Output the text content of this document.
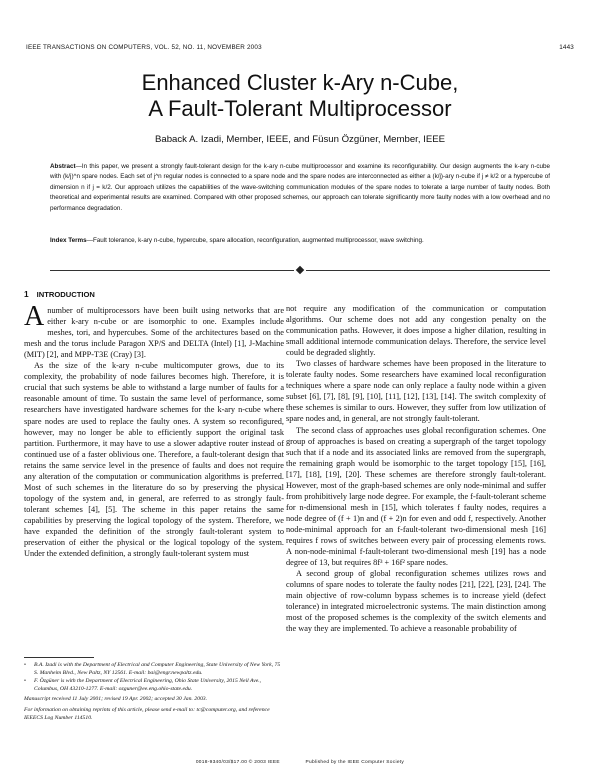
IEEE TRANSACTIONS ON COMPUTERS, VOL. 52, NO. 11, NOVEMBER 2003	1443
Enhanced Cluster k-Ary n-Cube,
A Fault-Tolerant Multiprocessor
Baback A. Izadi, Member, IEEE, and Füsun Özgüner, Member, IEEE
Abstract—In this paper, we present a strongly fault-tolerant design for the k-ary n-cube multiprocessor and examine its reconfigurability. Our design augments the k-ary n-cube with (k/j)^n spare nodes. Each set of j^n regular nodes is connected to a spare node and the spare nodes are interconnected as either a (k/j)-ary n-cube if j ≠ k/2 or a hypercube of dimension n if j = k/2. Our approach utilizes the capabilities of the wave-switching communication modules of the spare nodes to tolerate a large number of faulty nodes. Both theoretical and experimental results are examined. Compared with other proposed schemes, our approach can tolerate significantly more faulty nodes with a low overhead and no performance degradation.
Index Terms—Fault tolerance, k-ary n-cube, hypercube, spare allocation, reconfiguration, augmented multiprocessor, wave switching.
1 INTRODUCTION

Anumber of multiprocessors have been built using networks that are either k-ary n-cube or are isomorphic to one. Examples include meshes, tori, and hypercubes. Some of the architectures based on the mesh and the torus include Paragon XP/S and DELTA (Intel) [1], J-Machine (MIT) [2], and MPP-T3E (Cray) [3].

As the size of the k-ary n-cube multicomputer grows, due to its complexity, the probability of node failures becomes high. Therefore, it is crucial that such systems be able to withstand a large number of faults for a reasonable amount of time. To sustain the same level of performance, some researchers have investigated hardware schemes for the k-ary n-cube where spare nodes are used to replace the faulty ones. A system so reconfigured, however, may no longer be able to efficiently support the original task partition. Furthermore, it may have to use a slower adaptive router instead of continued use of a faster oblivious one. Therefore, a fault-tolerant design that retains the same service level in the presence of faults and does not require any alteration of the computation or communication algorithms is preferred. Most of such schemes in the literature do so by preserving the physical topology of the system and, in general, are referred to as strongly fault-tolerant schemes [4], [5]. The scheme in this paper retains the same capabilities by preserving the logical topology of the system. Therefore, we have expanded the definition of the strongly fault-tolerant system to preservation of either the physical or the logical topology of the system. Under the extended definition, a strongly fault-tolerant system must

not require any modification of the communication or computation algorithms. Our scheme does not add any congestion penalty on the communication paths. However, it does impose a higher dilation, resulting in small additional internode communication delays. Therefore, the service level could be degraded slightly.

Two classes of hardware schemes have been proposed in the literature to tolerate faulty nodes. Some researchers have examined local reconfiguration techniques where a spare node can only replace a faulty node within a given subset [6], [7], [8], [9], [10], [11], [12], [13], [14]. The switch complexity of these schemes is similar to ours. However, they suffer from low utilization of spare nodes and, in general, are not strongly fault-tolerant.

The second class of approaches uses global reconfiguration schemes. One group of approaches is based on creating a supergraph of the target topology such that if a node and its associated links are removed from the supergraph, the remaining graph would be isomorphic to the target topology [15], [16], [17], [18], [19], [20]. These schemes are therefore strongly fault-tolerant. However, most of the graph-based schemes are only node-minimal and suffer from prohibitively large node degree. For example, the f-fault-tolerant scheme for n-dimensional mesh in [15], which tolerates f faulty nodes, requires a node degree of (f + 1)n and (f + 2)n for even and odd f, respectively. Another node-minimal approach for an f-fault-tolerant two-dimensional mesh [16] requires f rows of switches between every pair of processing elements rows. A non-node-minimal f-fault-tolerant two-dimensional mesh [19] has a node degree of 13, but requires 8f³ + 16f² spare nodes.

A second group of global reconfiguration schemes utilizes rows and columns of spare nodes to tolerate the faulty nodes [21], [22], [23], [24]. The main objective of row-column bypass schemes is to increase yield (defect tolerance) in integrated microelectronic systems. The main distinction among most of the proposed schemes is the complexity of the switch elements and the way they are implemented. To achieve a reasonable probability of

•	B.A. Izadi is with the Department of Electrical and Computer Engineering, State University of New York, 75 S. Manheim Blvd., New Paltz, NY 12561. E-mail: bai@engr.newpaltz.edu.
•	F. Özgüner is with the Department of Electrical Engineering, Ohio State University, 2015 Neil Ave., Columbus, OH 43210-1277. E-mail: ozguner@ee.eng.ohio-state.edu.
Manuscript received 11 July 2001; revised 19 Apr. 2002; accepted 30 Jan. 2003.
For information on obtaining reprints of this article, please send e-mail to: tc@computer.org, and reference IEEECS Log Number 114510.
0018-9340/03/$17.00 © 2003 IEEE	Published by the IEEE Computer Society
